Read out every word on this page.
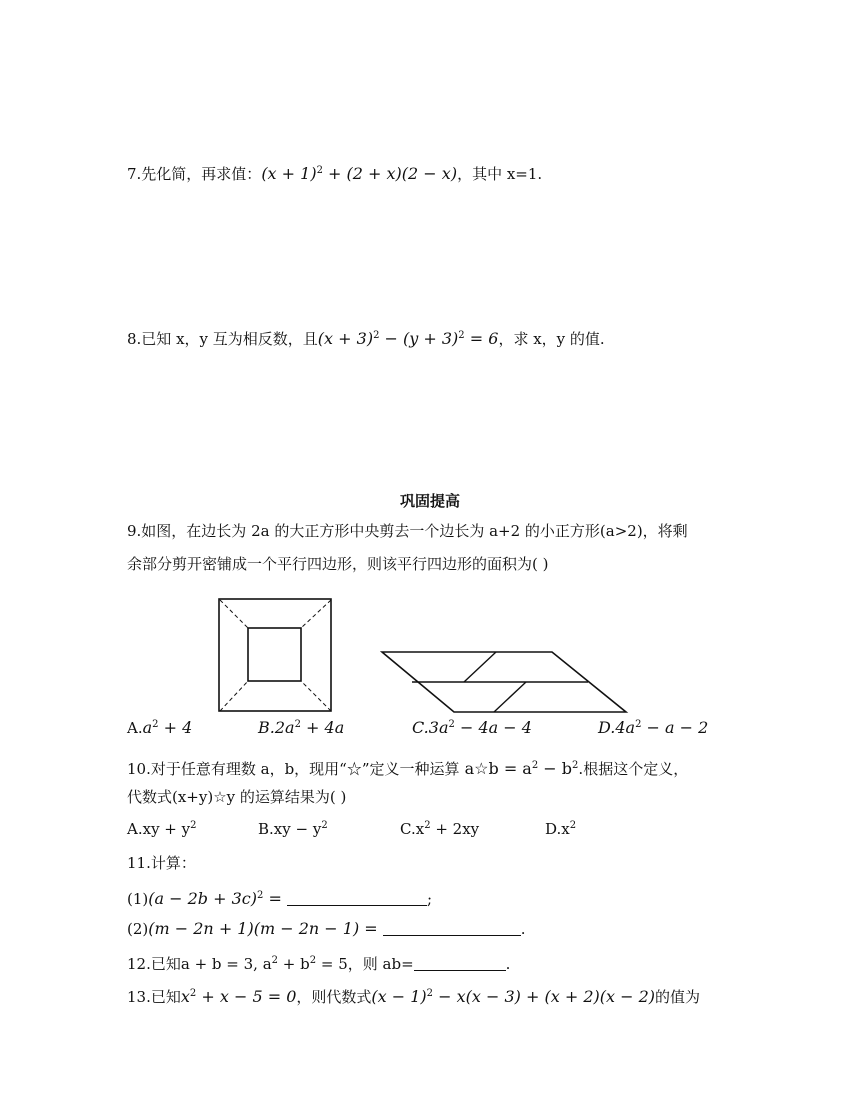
7.先化简，再求值：$(x + 1)^2 + (2 + x)(2 - x)$，其中 x=1.
8.已知 x，y 互为相反数，且$(x + 3)^2 - (y + 3)^2 = 6$，求 x，y 的值.
巩固提高
9.如图，在边长为 2a 的大正方形中央剪去一个边长为 a+2 的小正方形(a>2)，将剩
余部分剪开密铺成一个平行四边形，则该平行四边形的面积为( )
$A.a^2 + 4$	$B.2a^2 + 4a$	$C.3a^2 - 4a - 4$	$D.4a^2 - a - 2$
10.对于任意有理数 a，b，现用“☆”定义一种运算 a☆b = $a^2 - b^2$.根据这个定义，
代数式(x+y)☆y 的运算结果为( )
$A.xy + y^2$	$B.xy - y^2$	$C.x^2 + 2xy$	$D.x^2$
11.计算：
$(1)(a - 2b + 3c)^2$ =	;
(2)(m − 2n + 1)(m − 2n − 1) =	.
12.已知a + b = 3, $a^2 + b^2 = 5$，则 ab=	.
13.已知$x^2 + x - 5 = 0$，则代数式$(x - 1)^2 - x(x - 3) + (x + 2)(x - 2)$的值为
